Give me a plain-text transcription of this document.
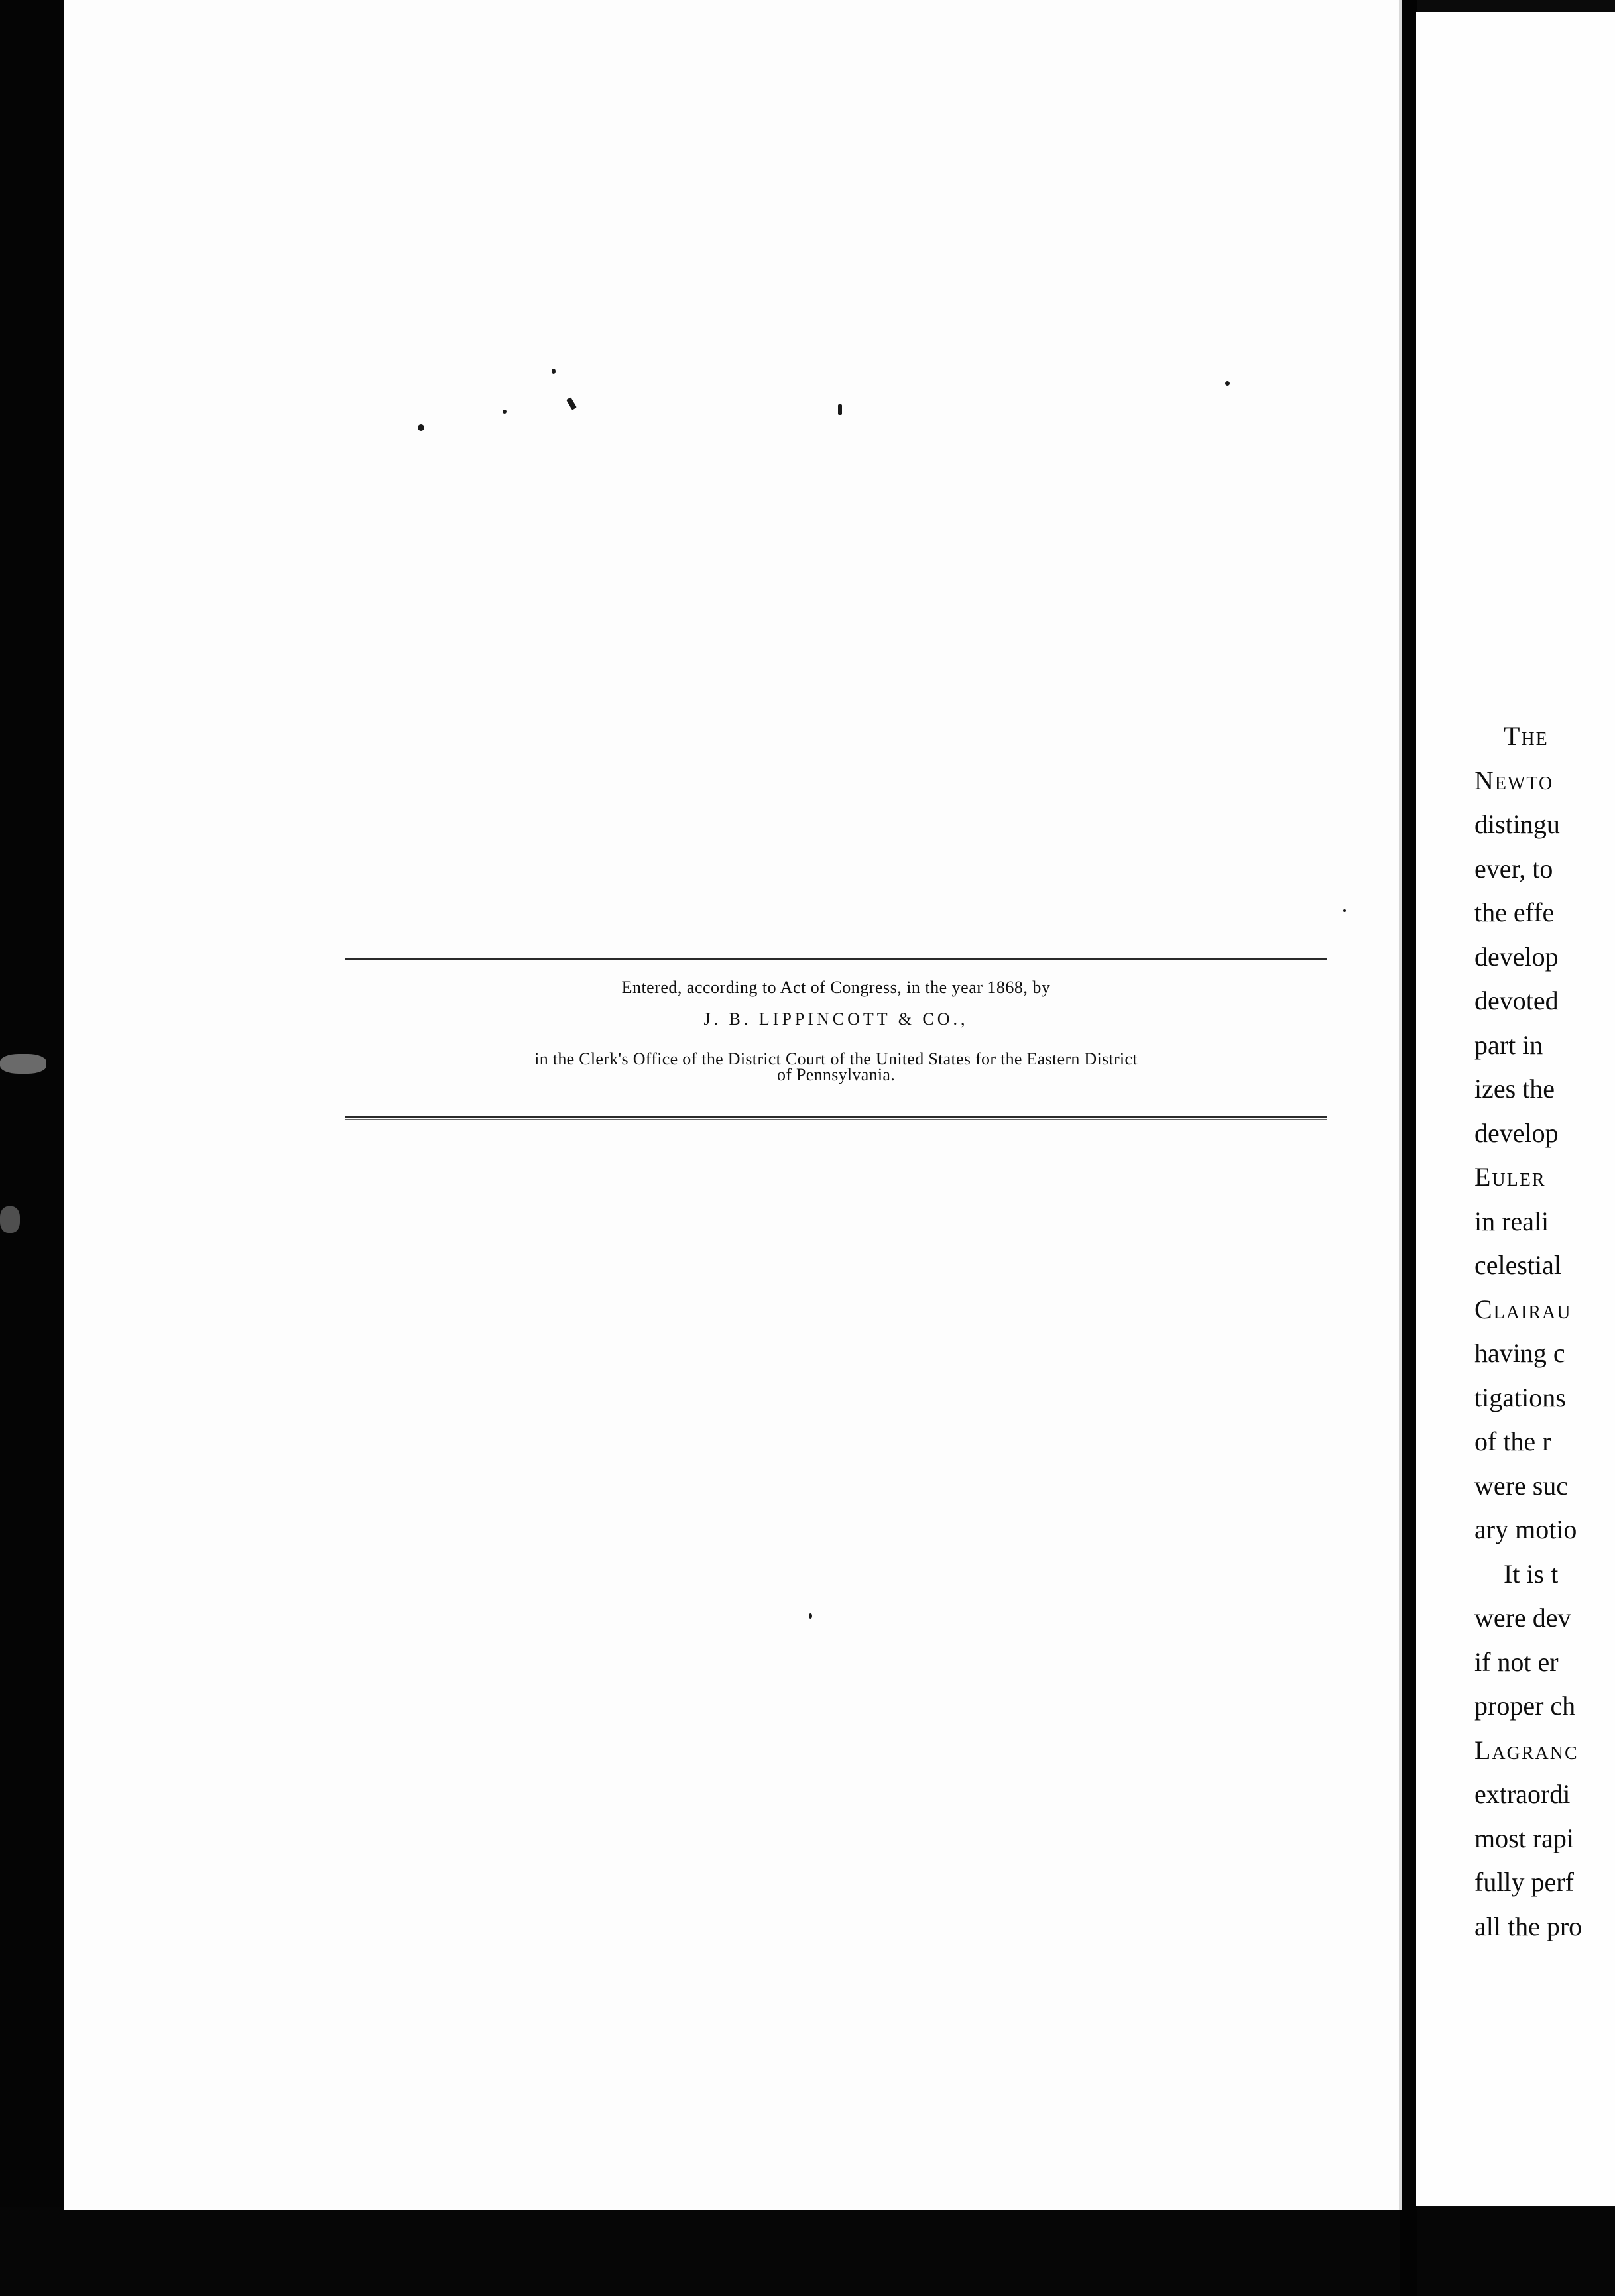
Entered, according to Act of Congress, in the year 1868, by
J. B. LIPPINCOTT & CO.,
in the Clerk's Office of the District Court of the United States for the Eastern District
of Pennsylvania.
The
Newto
distingu
ever, to
the effe
develop
devoted
part in
izes the
develop
Euler
in reali
celestial
Clairau
having c
tigations
of the r
were suc
ary motio
It is t
were dev
if not er
proper ch
Lagranc
extraordi
most rapi
fully perf
all the pro
